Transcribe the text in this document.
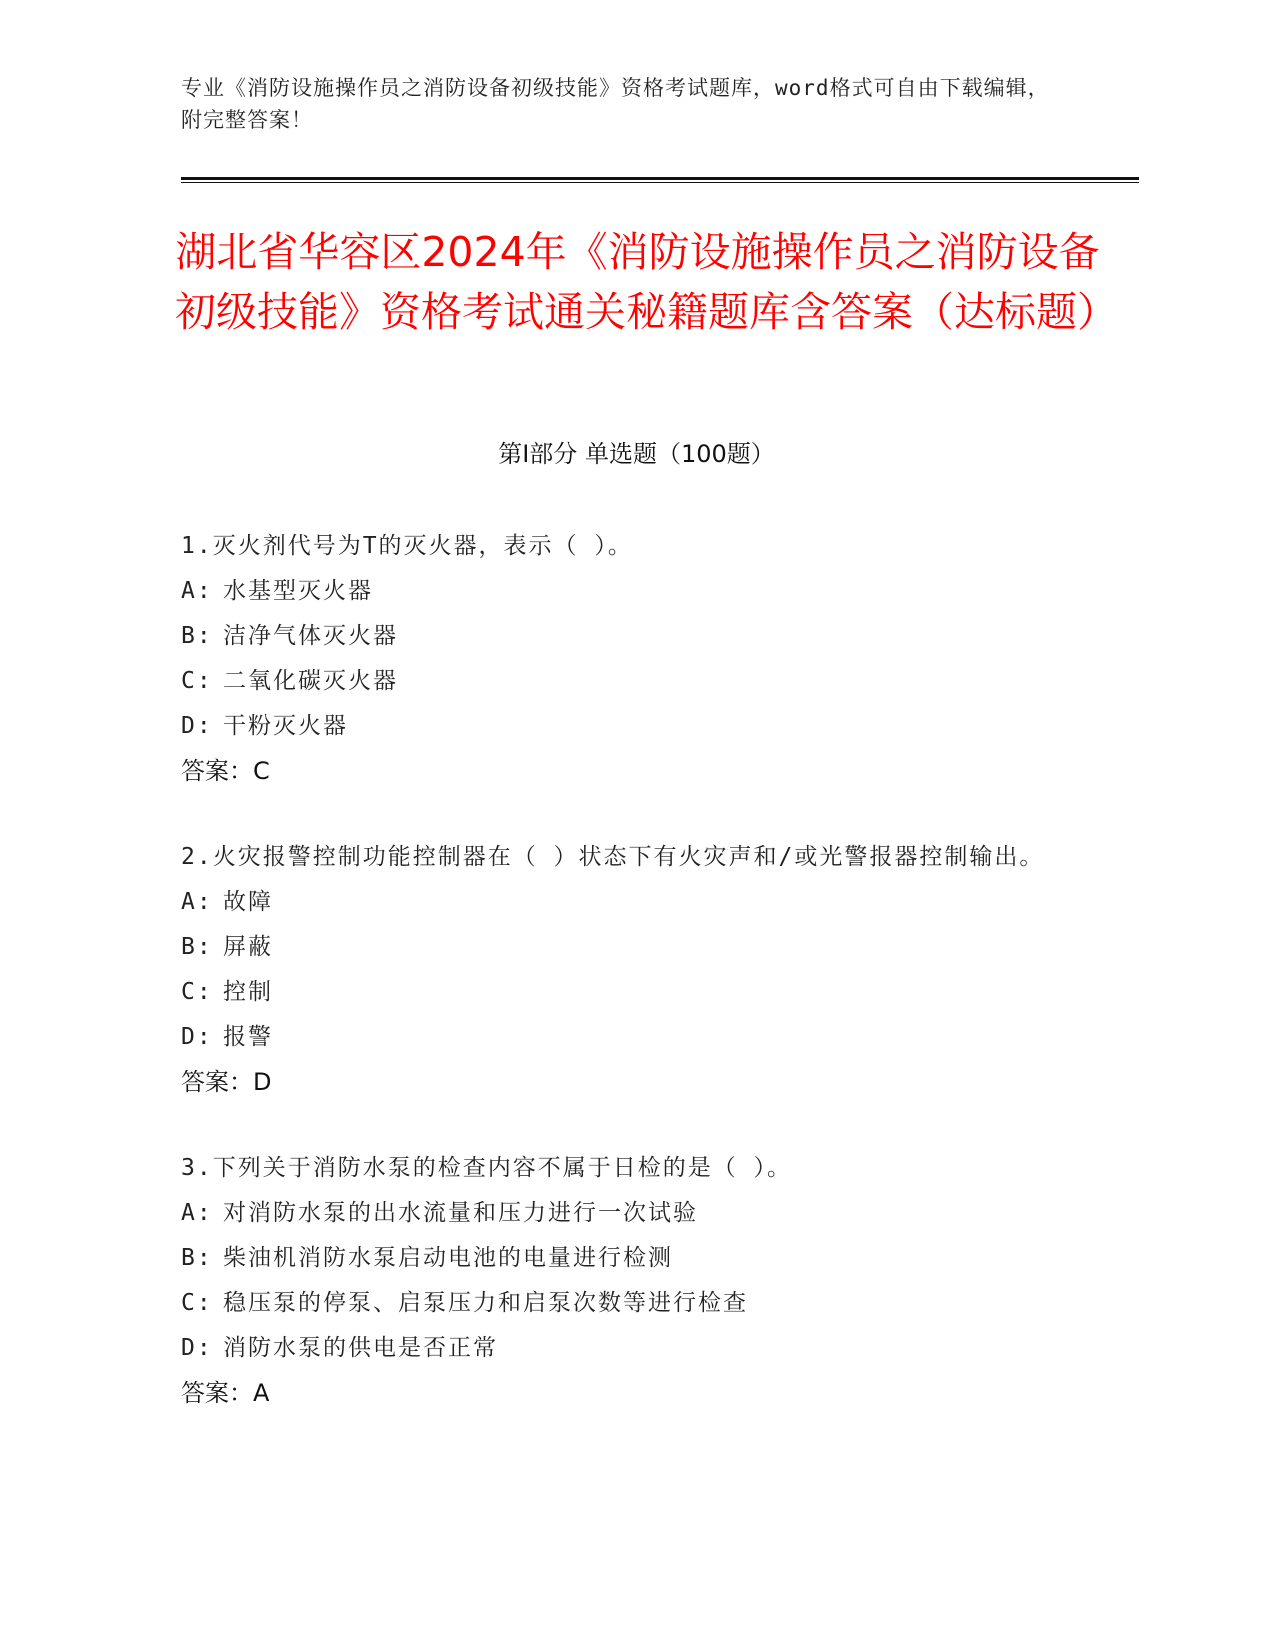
专业《消防设施操作员之消防设备初级技能》资格考试题库，word格式可自由下载编辑，附完整答案！
湖北省华容区2024年《消防设施操作员之消防设备初级技能》资格考试通关秘籍题库含答案（达标题）
第Ⅰ部分 单选题（100题）

1.灭火剂代号为T的灭火器，表示（ ）。

A: 水基型灭火器

B: 洁净气体灭火器

C: 二氧化碳灭火器

D: 干粉灭火器

答案：C

2.火灾报警控制功能控制器在（ ）状态下有火灾声和/或光警报器控制输出。

A: 故障

B: 屏蔽

C: 控制

D: 报警

答案：D

3.下列关于消防水泵的检查内容不属于日检的是（ ）。

A: 对消防水泵的出水流量和压力进行一次试验

B: 柴油机消防水泵启动电池的电量进行检测

C: 稳压泵的停泵、启泵压力和启泵次数等进行检查

D: 消防水泵的供电是否正常

答案：A
